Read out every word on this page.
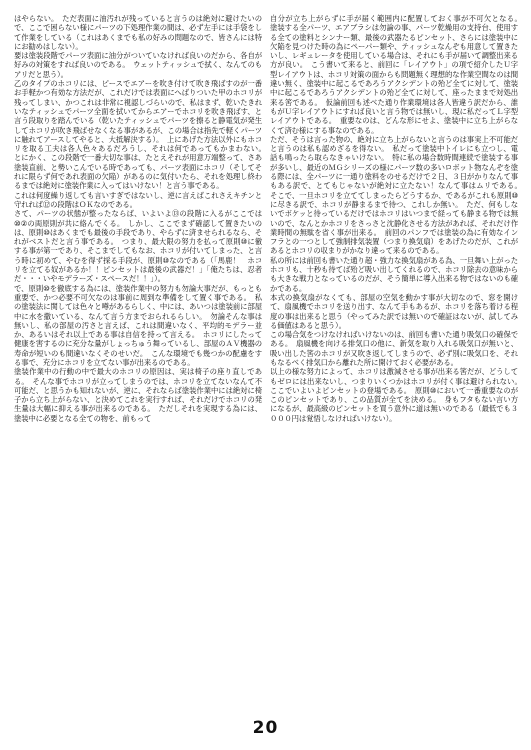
はやらない。　ただ表面に油汚れが残っていると言うのは絶対に避けたいので、ここで困らない様にパーツの下処理作業の間は、必ず左手には手袋をして作業をしている（これはあくまでも私の好みの問題なので、皆さんには特にお勧めはしない）。

要は塗装段階でパーツ表面に油分がついていなければ良いのだから、各自が好みの対策をすれば良いのである。　ウェットティッシュで拭く、なんてのもアリだと思う）。

乙のタイプのホコリには、ピースでエアーを吹き付けて吹き飛ばすのが一番お手軽かつ有効な方法だが、これだけでは表面にへばりついた甲のホコリが残ってしまい、かつこれは非常に視認しづらいので、私はまず、乾いたきれいなティッシュでパーツ全面を拭いてからエアーでホコリを吹き飛ばす、と言う段取りを踏んでいる（乾いたティッシュでパーツを擦ると静電気が発生してホコリが吹き飛ばせなくなる事があるが、この場合は指先で軽くパーツに触れてアースしてやると、大抵解決する）。　上にあげた方法以外にもホコリを取る工夫は各人色々あるだろうし、それは何であってもかまわない。　とにかく、この段階で一番大切な事は、たとえそれが用意万端整って、さあ塗装直前、と勢いこんでいる時であっても、パーツ表面にホコリ（そしてそれに限らず何であれ表面の欠陥）があるのに気付いたら、それを処理し終わるまでは絶対に塗装作業に入ってはいけない！と言う事である。

これは何度繰り返しても言いすぎではないし、逆に言えばこれさえキチンと守れれば⑫の段階はＯＫなのである。

さて、パーツの状態が整ったならば、いよいよ⑬の段階に入るがここでは⑩②の両原則が共に絡んでくる。　しかし、ここでまず確認して置きたいのは、原則⑩はあくまでも最後の手段であり、やらずに済ませられるなら、それがベストだと言う事である。　つまり、最大限の努力を払って原則⑩に徹する事が第一であり、そこまでしてもなお、ホコリが付いてしまった、と言う時に初めて、やむを得ず採る手段が、原則⑩なのである（「馬鹿！　ホコリを立てる奴があるか！！ピンセットは最後の武器だ！」「俺たちは、忍者だ・・・いやモデラーズ・スペースだ！！」）。

で、原則⑩を徹底する為には、塗装作業中の努力も勿論大事だが、もっとも重要で、かつ必要不可欠なのは事前に周到な準備をして置く事である。　私の塗装法に関しては色々と噂があるらしく、中には、あいつは塗装前に部屋中に水を撒いている、なんて言う方までおられるらしい。　勿論そんな事は無いし、私の部屋の汚さと言えば、これは間違いなく、平均的モデラー並か、あるいはそれ以上である事は自信を持って言える。　ホコリにしたって健康を害するのに充分な量がしょっちゅう舞っているし、部屋のＡＶ機器の寿命が短いのも間違いなくそのせいだ。　こんな環境でも幾つかの配慮をする事で、充分にホコリを立てない事が出来るのである。

塗装作業中の行動の中で最大のホコリの原因は、実は椅子の座り直しである。　そんな事でホコリが立ってしまうのでは、ホコリを立てないなんて不可能だ、と思うかも知れないが、逆に、それならば塗装作業中には絶対に椅子から立ち上がらない、と決めてこれを実行すれば、それだけでホコリの発生量は大幅に抑える事が出来るのである。　ただしそれを実現する為には、塗装中に必要となる全ての物を、前もって

自分が立ち上がらずに手が届く範囲内に配置しておく事が不可欠となる。　塗装する全パーツ、エアブラシは勿論の事、パーツ乾燥用の支持台、使用する全ての塗料とシンナー類、最後の武器たるピンセット、さらには塗装中に欠陥を見つけた時の為にペーパー類や、ティッシュなんぞも用意して置きたいし、レギュレータを使用している場合は、それにも手が届いて調整出来る方が良い。　こう書いて来ると、前回に「レイアウト」の項で紹介したＵ字型レイアウトは、ホコリ対策の面からも問題無く理想的な作業空間なのは間違い無く、塗装中に起こるであろうアクシデントの殆ど全てに対して、塗装中に起こるであろうアクシデントの殆ど全てに対して、座ったままで対処出来る筈である。　仮論前回も述べた通り作業環境は各人皆違う訳だから、誰もがＵ字レイアウトにすれば良いと言う物では無いし、現に私だってＬ字型レイアウトである。　重要なのは、どんな形にせよ、塗装中に立ち上がらなくて済む様にする事なのである。

ただ、そうは言った物の、絶対に立ち上がらないと言うのは事実上不可能だと言うのは私も認めざるを得ない。　私だって塗装中トイレにも立つし、電話も鳴ったら取らなきゃいけない。　特に私の場合数時間連続で塗装する事が多いし、最近のＭＧシリーズの様にパーツ数の多いロボット物なんぞを塗る際には、全パーツに一通り塗料をのせるだけで２日、３日がかりなんて事もある訳で、とてもじゃないが絶対に立たない！なんて事はムリである。　そこで、一旦ホコリを立ててしまったらどうするか、であるがこれも原則⑩に尽きる訳で、ホコリが静まるまで待つ、これしか無い。　ただ、何もしないでボケッと待っているだけではホコリはいつまで経っても静まる物では無いので、なんとかホコリをさっさと沈静化させる方法があれば、それだけ作業時間の無駄を省く事が出来る。　前回のパンフでは塗装の為に有効なインフラとの一つとして強制排気装置（つまり換気扇）をあげたのだが、これがあるとホコリの収まりがかなり違って来るのである。

私の所には前回も書いた通り超・強力な換気扇がある為、一旦舞い上がったホコリも、十秒も待てば殆ど吸い出してくれるので、ホコリ除去の意味からも大きな戦力となっているのだが、そう簡単に導入出来る物ではないのも確かである。

本式の換気扇がなくても、部屋の空気を動かす事が大切なので、窓を開けて、扇風機でホコリを送り出す、なんて手もあるが、ホコリを落ち着ける程度の事は出来ると思う（やってみた訳では無いので確証はないが、試してみる価値はあると思う）。

この場合気をつけなければいけないのは、前回も書いた通り吸気口の確保である。　扇風機を向ける排気口の他に、新気を取り入れる吸気口が無いと、吸い出した筈のホコリが又吹き返してしまうので、必ず別に吸気口を、それもなるべく排気口から離れた所に開けておく必要がある。

以上の様な努力によって、ホコリは激減させる事が出来る筈だが、どうしてもゼロには出来ないし、つまりいくつかはホコリが付く事は避けられない。　ここでいよいよピンセットの登場である。　原則⑩において一番重要なのがこのピンセットであり、この品質が全てを決める。　身もフタもない言い方になるが、最高級のピンセットを買う意外に道は無いのである（最低でも３０００円は覚悟しなければいけない）。

20
